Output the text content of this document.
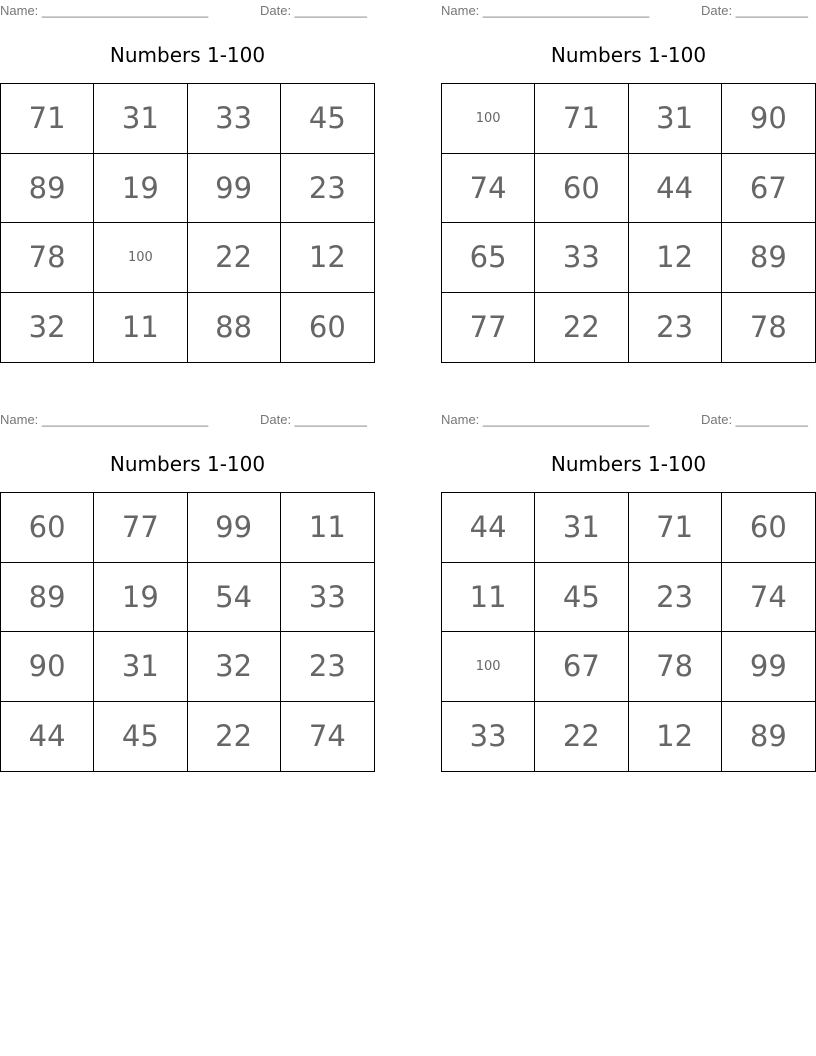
Name: _______________________	Date: __________
Numbers 1-100
71	31	33	45
89	19	99	23
78	100	22	12
32	11	88	60
Name: _______________________	Date: __________
Numbers 1-100
100	71	31	90
74	60	44	67
65	33	12	89
77	22	23	78
Name: _______________________	Date: __________
Numbers 1-100
60	77	99	11
89	19	54	33
90	31	32	23
44	45	22	74
Name: _______________________	Date: __________
Numbers 1-100
44	31	71	60
11	45	23	74
100	67	78	99
33	22	12	89
